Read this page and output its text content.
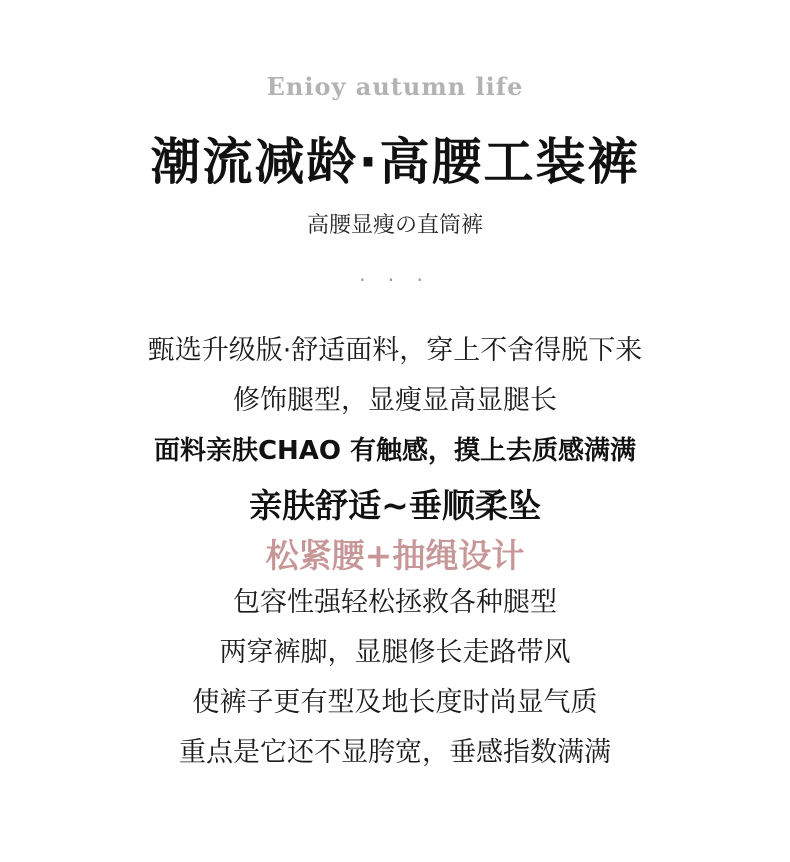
Enioy autumn life
潮流减龄·高腰工装裤
高腰显瘦の直筒裤
· · ·
甄选升级版·舒适面料，穿上不舍得脱下来
修饰腿型，显瘦显高显腿长
面料亲肤CHAO 有触感，摸上去质感满满
亲肤舒适~垂顺柔坠
松紧腰+抽绳设计
包容性强轻松拯救各种腿型
两穿裤脚，显腿修长走路带风
使裤子更有型及地长度时尚显气质
重点是它还不显胯宽，垂感指数满满
